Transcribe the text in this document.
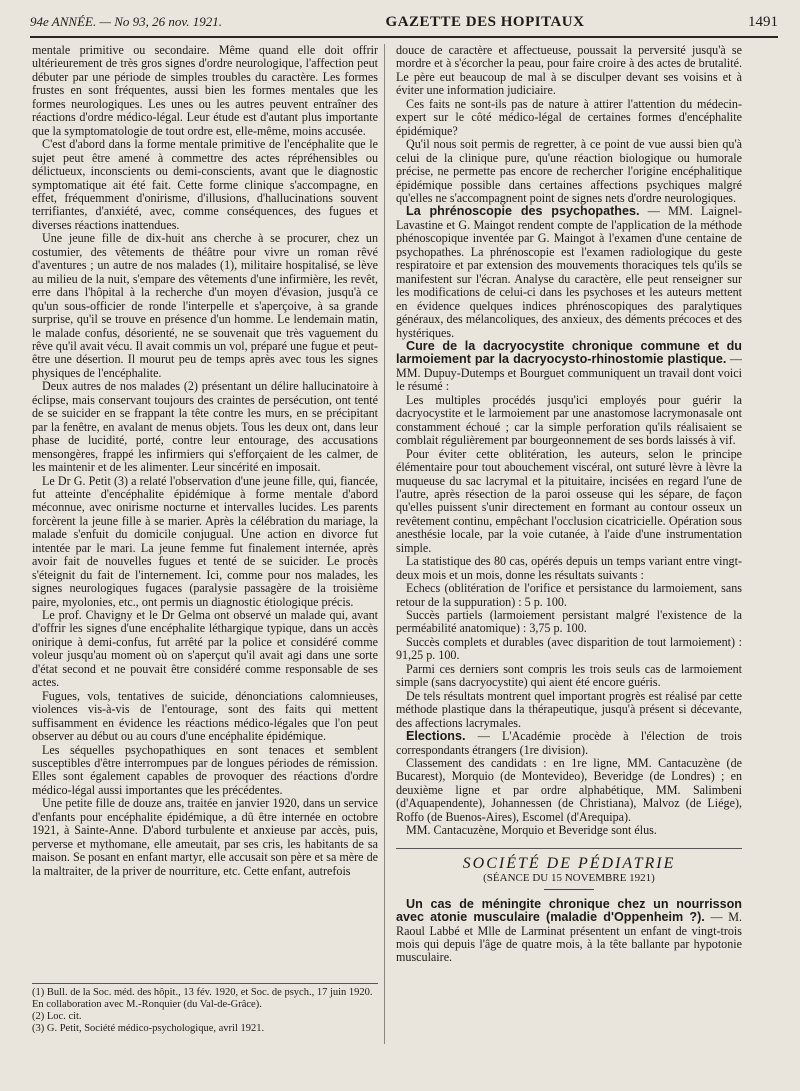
94e ANNÉE. — No 93, 26 nov. 1921.	GAZETTE DES HOPITAUX	1491

mentale primitive ou secondaire. Même quand elle doit offrir ultérieurement de très gros signes d'ordre neurologique, l'affection peut débuter par une période de simples troubles du caractère. Les formes frustes en sont fréquentes, aussi bien les formes mentales que les formes neurologiques. Les unes ou les autres peuvent entraîner des réactions d'ordre médico-légal. Leur étude est d'autant plus importante que la symptomatologie de tout ordre est, elle-même, moins accusée.

C'est d'abord dans la forme mentale primitive de l'encéphalite que le sujet peut être amené à commettre des actes répréhensibles ou délictueux, inconscients ou demi-conscients, avant que le diagnostic symptomatique ait été fait. Cette forme clinique s'accompagne, en effet, fréquemment d'onirisme, d'illusions, d'hallucinations souvent terrifiantes, d'anxiété, avec, comme conséquences, des fugues et diverses réactions inattendues.

Une jeune fille de dix-huit ans cherche à se procurer, chez un costumier, des vêtements de théâtre pour vivre un roman rêvé d'aventures ; un autre de nos malades (1), militaire hospitalisé, se lève au milieu de la nuit, s'empare des vêtements d'une infirmière, les revêt, erre dans l'hôpital à la recherche d'un moyen d'évasion, jusqu'à ce qu'un sous-officier de ronde l'interpelle et s'aperçoive, à sa grande surprise, qu'il se trouve en présence d'un homme. Le lendemain matin, le malade confus, désorienté, ne se souvenait que très vaguement du rêve qu'il avait vécu. Il avait commis un vol, préparé une fugue et peut-être une désertion. Il mourut peu de temps après avec tous les signes physiques de l'encéphalite.

Deux autres de nos malades (2) présentant un délire hallucinatoire à éclipse, mais conservant toujours des craintes de persécution, ont tenté de se suicider en se frappant la tête contre les murs, en se précipitant par la fenêtre, en avalant de menus objets. Tous les deux ont, dans leur phase de lucidité, porté, contre leur entourage, des accusations mensongères, frappé les infirmiers qui s'efforçaient de les calmer, de les maintenir et de les alimenter. Leur sincérité en imposait.

Le Dr G. Petit (3) a relaté l'observation d'une jeune fille, qui, fiancée, fut atteinte d'encéphalite épidémique à forme mentale d'abord méconnue, avec onirisme nocturne et intervalles lucides. Les parents forcèrent la jeune fille à se marier. Après la célébration du mariage, la malade s'enfuit du domicile conjugual. Une action en divorce fut intentée par le mari. La jeune femme fut finalement internée, après avoir fait de nouvelles fugues et tenté de se suicider. Le procès s'éteignit du fait de l'internement. Ici, comme pour nos malades, les signes neurologiques fugaces (paralysie passagère de la troisième paire, myolonies, etc., ont permis un diagnostic étiologique précis.

Le prof. Chavigny et le Dr Gelma ont observé un malade qui, avant d'offrir les signes d'une encéphalite léthargique typique, dans un accès onirique à demi-confus, fut arrêté par la police et considéré comme voleur jusqu'au moment où on s'aperçut qu'il avait agi dans une sorte d'état second et ne pouvait être considéré comme responsable de ses actes.

Fugues, vols, tentatives de suicide, dénonciations calomnieuses, violences vis-à-vis de l'entourage, sont des faits qui mettent suffisamment en évidence les réactions médico-légales que l'on peut observer au début ou au cours d'une encéphalite épidémique.

Les séquelles psychopathiques en sont tenaces et semblent susceptibles d'être interrompues par de longues périodes de rémission. Elles sont également capables de provoquer des réactions d'ordre médico-légal aussi importantes que les précédentes.

Une petite fille de douze ans, traitée en janvier 1920, dans un service d'enfants pour encéphalite épidémique, a dû être internée en octobre 1921, à Sainte-Anne. D'abord turbulente et anxieuse par accès, puis, perverse et mythomane, elle ameutait, par ses cris, les habitants de sa maison. Se posant en enfant martyr, elle accusait son père et sa mère de la maltraiter, de la priver de nourriture, etc. Cette enfant, autrefois

(1) Bull. de la Soc. méd. des hôpit., 13 fév. 1920, et Soc. de psych., 17 juin 1920. En collaboration avec M.-Ronquier (du Val-de-Grâce).

(2) Loc. cit.

(3) G. Petit, Société médico-psychologique, avril 1921.

douce de caractère et affectueuse, poussait la perversité jusqu'à se mordre et à s'écorcher la peau, pour faire croire à des actes de brutalité. Le père eut beaucoup de mal à se disculper devant ses voisins et à éviter une information judiciaire.

Ces faits ne sont-ils pas de nature à attirer l'attention du médecin-expert sur le côté médico-légal de certaines formes d'encéphalite épidémique?

Qu'il nous soit permis de regretter, à ce point de vue aussi bien qu'à celui de la clinique pure, qu'une réaction biologique ou humorale précise, ne permette pas encore de rechercher l'origine encéphalitique épidémique possible dans certaines affections psychiques malgré qu'elles ne s'accompagnent point de signes nets d'ordre neurologiques.

La phrénoscopie des psychopathes. — MM. Laignel-Lavastine et G. Maingot rendent compte de l'application de la méthode phénoscopique inventée par G. Maingot à l'examen d'une centaine de psychopathes. La phrénoscopie est l'examen radiologique du geste respiratoire et par extension des mouvements thoraciques tels qu'ils se manifestent sur l'écran. Analyse du caractère, elle peut renseigner sur les modifications de celui-ci dans les psychoses et les auteurs mettent en évidence quelques indices phrénoscopiques des paralytiques généraux, des mélancoliques, des anxieux, des déments précoces et des hystériques.

Cure de la dacryocystite chronique commune et du larmoiement par la dacryocysto-rhinostomie plastique. — MM. Dupuy-Dutemps et Bourguet communiquent un travail dont voici le résumé :

Les multiples procédés jusqu'ici employés pour guérir la dacryocystite et le larmoiement par une anastomose lacrymonasale ont constamment échoué ; car la simple perforation qu'ils réalisaient se comblait régulièrement par bourgeonnement de ses bords laissés à vif.

Pour éviter cette oblitération, les auteurs, selon le principe élémentaire pour tout abouchement viscéral, ont suturé lèvre à lèvre la muqueuse du sac lacrymal et la pituitaire, incisées en regard l'une de l'autre, après résection de la paroi osseuse qui les sépare, de façon qu'elles puissent s'unir directement en formant au contour osseux un revêtement continu, empêchant l'occlusion cicatricielle. Opération sous anesthésie locale, par la voie cutanée, à l'aide d'une instrumentation simple.

La statistique des 80 cas, opérés depuis un temps variant entre vingt-deux mois et un mois, donne les résultats suivants :

Echecs (oblitération de l'orifice et persistance du larmoiement, sans retour de la suppuration) : 5 p. 100.

Succès partiels (larmoiement persistant malgré l'existence de la perméabilité anatomique) : 3,75 p. 100.

Succès complets et durables (avec disparition de tout larmoiement) : 91,25 p. 100.

Parmi ces derniers sont compris les trois seuls cas de larmoiement simple (sans dacryocystite) qui aient été encore guéris.

De tels résultats montrent quel important progrès est réalisé par cette méthode plastique dans la thérapeutique, jusqu'à présent si décevante, des affections lacrymales.

Elections. — L'Académie procède à l'élection de trois correspondants étrangers (1re division).

Classement des candidats : en 1re ligne, MM. Cantacuzène (de Bucarest), Morquio (de Montevideo), Beveridge (de Londres) ; en deuxième ligne et par ordre alphabétique, MM. Salimbeni (d'Aquapendente), Johannessen (de Christiana), Malvoz (de Liége), Roffo (de Buenos-Aires), Escomel (d'Arequipa).

MM. Cantacuzène, Morquio et Beveridge sont élus.

SOCIÉTÉ DE PÉDIATRIE
(SÉANCE DU 15 NOVEMBRE 1921)

Un cas de méningite chronique chez un nourrisson avec atonie musculaire (maladie d'Oppenheim ?). — M. Raoul Labbé et Mlle de Larminat présentent un enfant de vingt-trois mois qui depuis l'âge de quatre mois, à la tête ballante par hypotonie musculaire.
